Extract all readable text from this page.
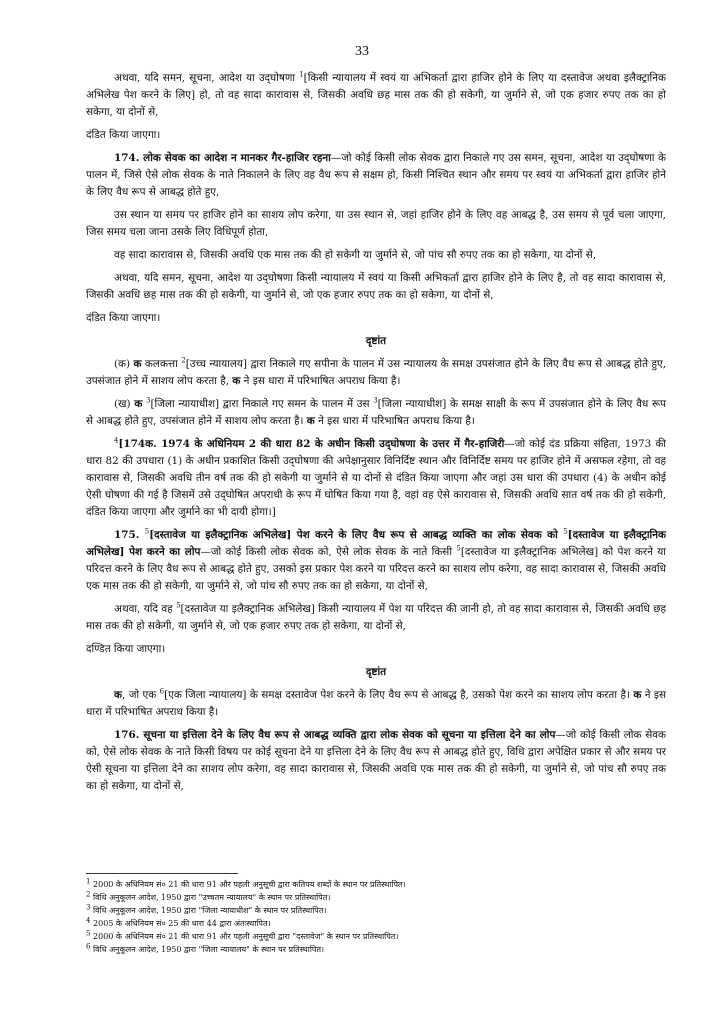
33

अथवा, यदि समन, सूचना, आदेश या उद्‌घोषणा $^1$[किसी न्यायालय में स्वयं या अभिकर्ता द्वारा हाजिर होने के लिए या दस्तावेज अथवा इलैक्ट्रानिक अभिलेख पेश करने के लिए] हो, तो वह सादा कारावास से, जिसकी अवधि छह मास तक की हो सकेगी, या जुर्माने से, जो एक हजार रुपए तक का हो सकेगा, या दोनों से,

दंडित किया जाएगा।

174. लोक सेवक का आदेश न मानकर गैर-हाजिर रहना—जो कोई किसी लोक सेवक द्वारा निकाले गए उस समन, सूचना, आदेश या उद्‌घोषणा के पालन में, जिसे ऐसे लोक सेवक के नाते निकालने के लिए वह वैध रूप से सक्षम हो, किसी निश्चित स्थान और समय पर स्वयं या अभिकर्ता द्वारा हाजिर होने के लिए वैध रूप से आबद्ध होते हुए,

उस स्थान या समय पर हाजिर होने का साशय लोप करेगा, या उस स्थान से, जहां हाजिर होने के लिए वह आबद्ध है, उस समय से पूर्व चला जाएगा, जिस समय चला जाना उसके लिए विधिपूर्ण होता,

वह सादा कारावास से, जिसकी अवधि एक मास तक की हो सकेगी या जुर्माने से, जो पांच सौ रुपए तक का हो सकेगा, या दोनों से,

अथवा, यदि समन, सूचना, आदेश या उद्‌घोषणा किसी न्यायालय में स्वयं या किसी अभिकर्ता द्वारा हाजिर होने के लिए है, तो वह सादा कारावास से, जिसकी अवधि छह मास तक की हो सकेगी, या जुर्माने से, जो एक हजार रुपए तक का हो सकेगा, या दोनों से,

दंडित किया जाएगा।

दृष्टांत

(क) क कलकत्ता $^2$[उच्च न्यायालय] द्वारा निकाले गए सपीना के पालन में उस न्यायालय के समक्ष उपसंजात होने के लिए वैध रूप से आबद्ध होते हुए, उपसंजात होने में साशय लोप करता है, क ने इस धारा में परिभाषित अपराध किया है।

(ख) क $^3$[जिला न्यायाधीश] द्वारा निकाले गए समन के पालन में उस $^3$[जिला न्यायाधीश] के समक्ष साक्षी के रूप में उपसंजात होने के लिए वैध रूप से आबद्ध होते हुए, उपसंजात होने में साशय लोप करता है। क ने इस धारा में परिभाषित अपराध किया है।

$^4$[174क. 1974 के अधिनियम 2 की धारा 82 के अधीन किसी उद्‌घोषणा के उत्तर में गैर-हाजिरी—जो कोई दंड प्रक्रिया संहिता, 1973 की धारा 82 की उपधारा (1) के अधीन प्रकाशित किसी उद्‌घोषणा की अपेक्षानुसार विनिर्दिष्ट स्थान और विनिर्दिष्ट समय पर हाजिर होने में असफल रहेगा, तो वह कारावास से, जिसकी अवधि तीन वर्ष तक की हो सकेगी या जुर्माने से या दोनों से दंडित किया जाएगा और जहां उस धारा की उपधारा (4) के अधीन कोई ऐसी घोषणा की गई है जिसमें उसे उद्‌घोषित अपराधी के रूप में घोषित किया गया है, वहां वह ऐसे कारावास से, जिसकी अवधि सात वर्ष तक की हो सकेगी, दंडित किया जाएगा और जुर्माने का भी दायी होगा।]

175. $^5$[दस्तावेज या इलैक्ट्रानिक अभिलेख] पेश करने के लिए वैध रूप से आबद्ध व्यक्ति का लोक सेवक को $^5$[दस्तावेज या इलैक्ट्रानिक अभिलेख] पेश करने का लोप—जो कोई किसी लोक सेवक को, ऐसे लोक सेवक के नाते किसी $^5$[दस्तावेज या इलैक्ट्रानिक अभिलेख] को पेश करने या परिदत्त करने के लिए वैध रूप से आबद्ध होते हुए, उसको इस प्रकार पेश करने या परिदत्त करने का साशय लोप करेगा, वह सादा कारावास से, जिसकी अवधि एक मास तक की हो सकेगी, या जुर्माने से, जो पांच सौ रुपए तक का हो सकेगा, या दोनों से,

अथवा, यदि वह $^5$[दस्तावेज या इलैक्ट्रानिक अभिलेख] किसी न्यायालय में पेश या परिदत्त की जानी हो, तो वह सादा कारावास से, जिसकी अवधि छह मास तक की हो सकेगी, या जुर्माने से, जो एक हजार रुपए तक हो सकेगा, या दोनों से,

दण्डित किया जाएगा।

दृष्टांत

क, जो एक $^6$[एक जिला न्यायालय] के समक्ष दस्तावेज पेश करने के लिए वैध रूप से आबद्ध है, उसको पेश करने का साशय लोप करता है। क ने इस धारा में परिभाषित अपराध किया है।

176. सूचना या इत्तिला देने के लिए वैध रूप से आबद्ध व्यक्ति द्वारा लोक सेवक को सूचना या इत्तिला देने का लोप—जो कोई किसी लोक सेवक को, ऐसे लोक सेवक के नाते किसी विषय पर कोई सूचना देने या इत्तिला देने के लिए वैध रूप से आबद्ध होते हुए, विधि द्वारा अपेक्षित प्रकार से और समय पर ऐसी सूचना या इत्तिला देने का साशय लोप करेगा, वह सादा कारावास से, जिसकी अवधि एक मास तक की हो सकेगी, या जुर्माने से, जो पांच सौ रुपए तक का हो सकेगा, या दोनों से,

$^1$ 2000 के अधिनियम सं० 21 की धारा 91 और पहली अनुसूची द्वारा कतिपय शब्दों के स्थान पर प्रतिस्थापित।
$^2$ विधि अनुकूलन आदेश, 1950 द्वारा "उच्चतम न्यायालय" के स्थान पर प्रतिस्थापित।
$^3$ विधि अनुकूलन आदेश, 1950 द्वारा "जिला न्यायाधीश" के स्थान पर प्रतिस्थापित।
$^4$ 2005 के अधिनियम सं० 25 की धारा 44 द्वारा अंतःस्थापित।
$^5$ 2000 के अधिनियम सं० 21 की धारा 91 और पहली अनुसूची द्वारा "दस्तावेज" के स्थान पर प्रतिस्थापित।
$^6$ विधि अनुकूलन आदेश, 1950 द्वारा "जिला न्यायालय" के स्थान पर प्रतिस्थापित।
